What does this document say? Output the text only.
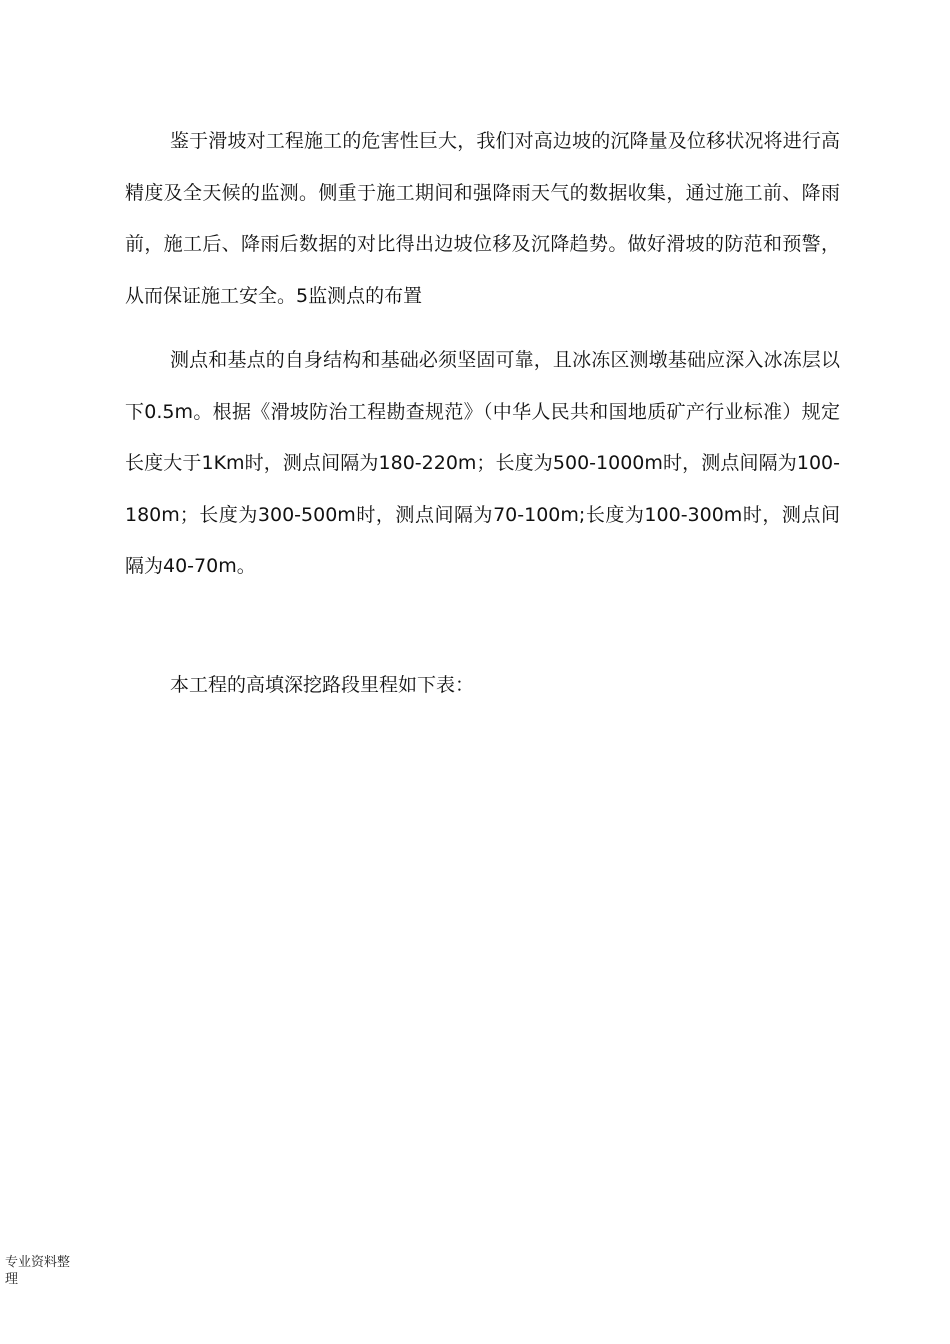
鉴于滑坡对工程施工的危害性巨大，我们对高边坡的沉降量及位移状况将进行高精度及全天候的监测。侧重于施工期间和强降雨天气的数据收集，通过施工前、降雨前，施工后、降雨后数据的对比得出边坡位移及沉降趋势。做好滑坡的防范和预警，从而保证施工安全。5监测点的布置

测点和基点的自身结构和基础必须坚固可靠，且冰冻区测墩基础应深入冰冻层以下0.5m。根据《滑坡防治工程勘查规范》（中华人民共和国地质矿产行业标准）规定长度大于1Km时，测点间隔为180-220m；长度为500-1000m时，测点间隔为100-180m；长度为300-500m时，测点间隔为70-100m;长度为100-300m时，测点间隔为40-70m。

本工程的高填深挖路段里程如下表：

专业资料整理
